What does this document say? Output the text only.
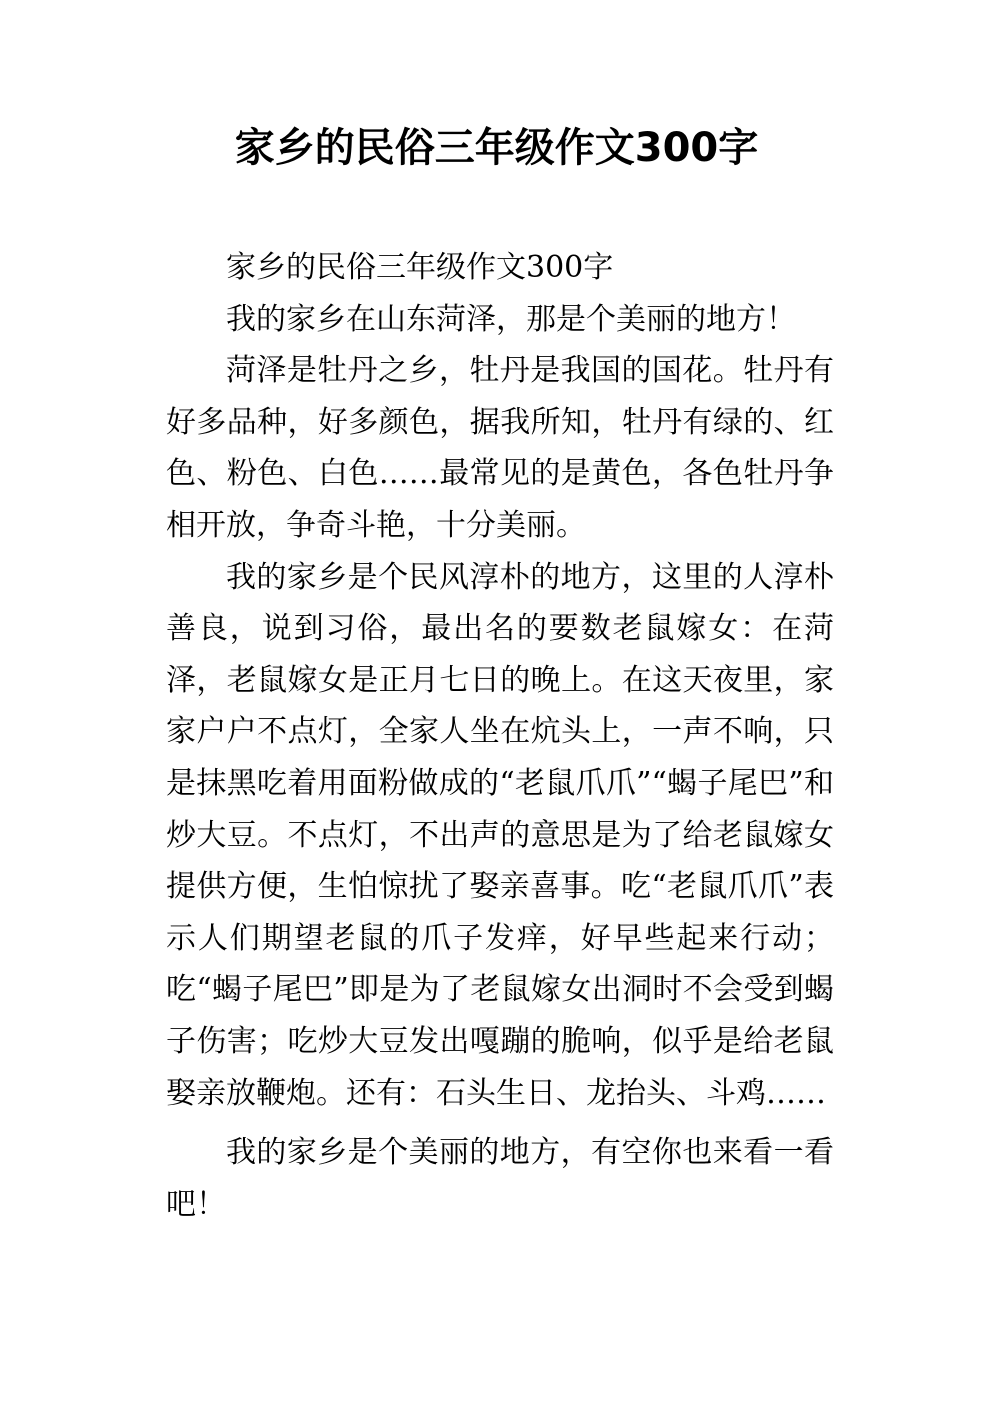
家乡的民俗三年级作文300字

家乡的民俗三年级作文300字

我的家乡在山东菏泽，那是个美丽的地方！

菏泽是牡丹之乡，牡丹是我国的国花。牡丹有好多品种，好多颜色，据我所知，牡丹有绿的、红色、粉色、白色……最常见的是黄色，各色牡丹争相开放，争奇斗艳，十分美丽。

我的家乡是个民风淳朴的地方，这里的人淳朴善良，说到习俗，最出名的要数老鼠嫁女：在菏泽，老鼠嫁女是正月七日的晚上。在这天夜里，家家户户不点灯，全家人坐在炕头上，一声不响，只是抹黑吃着用面粉做成的“老鼠爪爪”“蝎子尾巴”和炒大豆。不点灯，不出声的意思是为了给老鼠嫁女提供方便，生怕惊扰了娶亲喜事。吃“老鼠爪爪”表示人们期望老鼠的爪子发痒，好早些起来行动；吃“蝎子尾巴”即是为了老鼠嫁女出洞时不会受到蝎子伤害；吃炒大豆发出嘎蹦的脆响，似乎是给老鼠娶亲放鞭炮。还有：石头生日、龙抬头、斗鸡……

我的家乡是个美丽的地方，有空你也来看一看吧！
